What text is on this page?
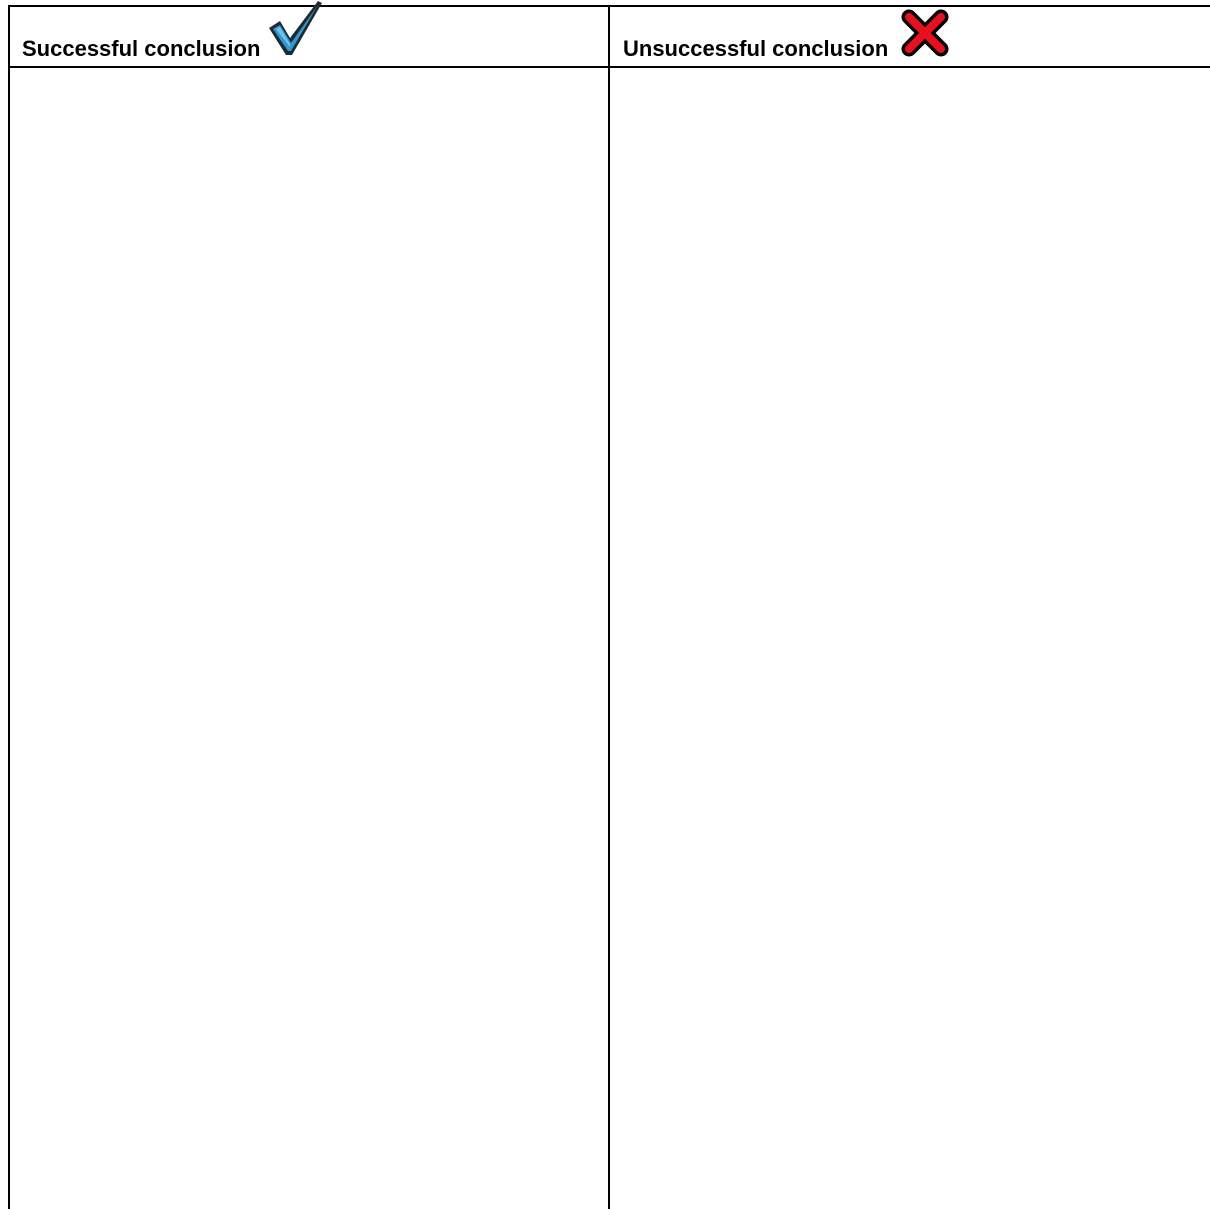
Successful conclusion	Unsuccessful conclusion
